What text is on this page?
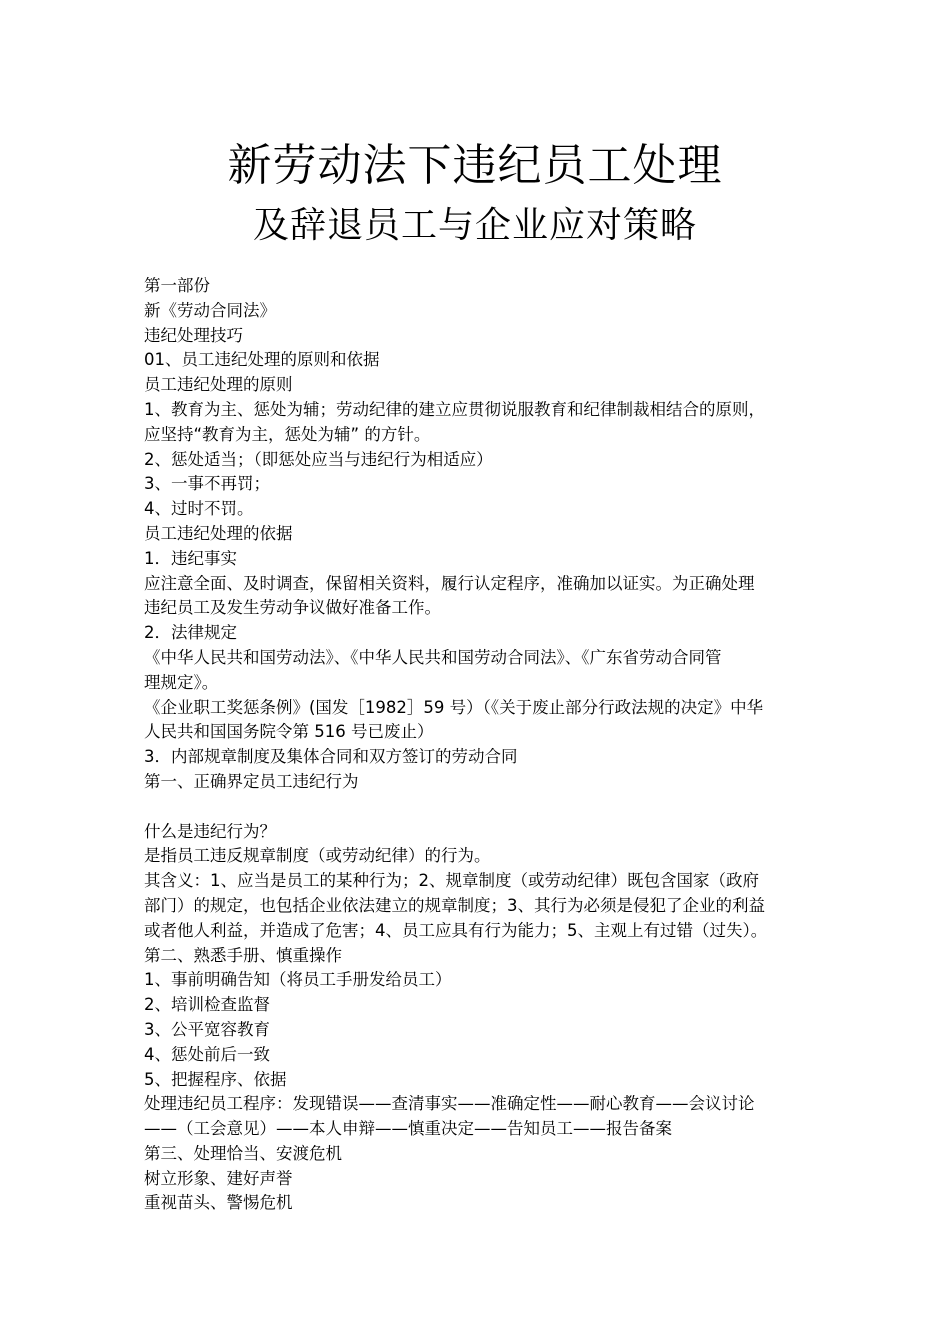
新劳动法下违纪员工处理
及辞退员工与企业应对策略

第一部份

新《劳动合同法》

违纪处理技巧

01、员工违纪处理的原则和依据

员工违纪处理的原则

1、教育为主、惩处为辅；劳动纪律的建立应贯彻说服教育和纪律制裁相结合的原则，

应坚持“教育为主，惩处为辅” 的方针。

2、惩处适当；（即惩处应当与违纪行为相适应）

3、一事不再罚；

4、过时不罚。

员工违纪处理的依据

1．违纪事实

应注意全面、及时调查，保留相关资料，履行认定程序，准确加以证实。为正确处理

违纪员工及发生劳动争议做好准备工作。

2．法律规定

《中华人民共和国劳动法》、《中华人民共和国劳动合同法》、《广东省劳动合同管

理规定》。

《企业职工奖惩条例》(国发［1982］59 号）（《关于废止部分行政法规的决定》中华

人民共和国国务院令第 516 号已废止）

3．内部规章制度及集体合同和双方签订的劳动合同

第一、正确界定员工违纪行为

什么是违纪行为？

是指员工违反规章制度（或劳动纪律）的行为。

其含义：1、应当是员工的某种行为；2、规章制度（或劳动纪律）既包含国家（政府

部门）的规定，也包括企业依法建立的规章制度；3、其行为必须是侵犯了企业的利益

或者他人利益，并造成了危害；4、员工应具有行为能力；5、主观上有过错（过失）。

第二、熟悉手册、慎重操作

1、事前明确告知（将员工手册发给员工）

2、培训检查监督

3、公平宽容教育

4、惩处前后一致

5、把握程序、依据

处理违纪员工程序：发现错误——查清事实——准确定性——耐心教育——会议讨论

——（工会意见）——本人申辩——慎重决定——告知员工——报告备案

第三、处理恰当、安渡危机

树立形象、建好声誉

重视苗头、警惕危机
